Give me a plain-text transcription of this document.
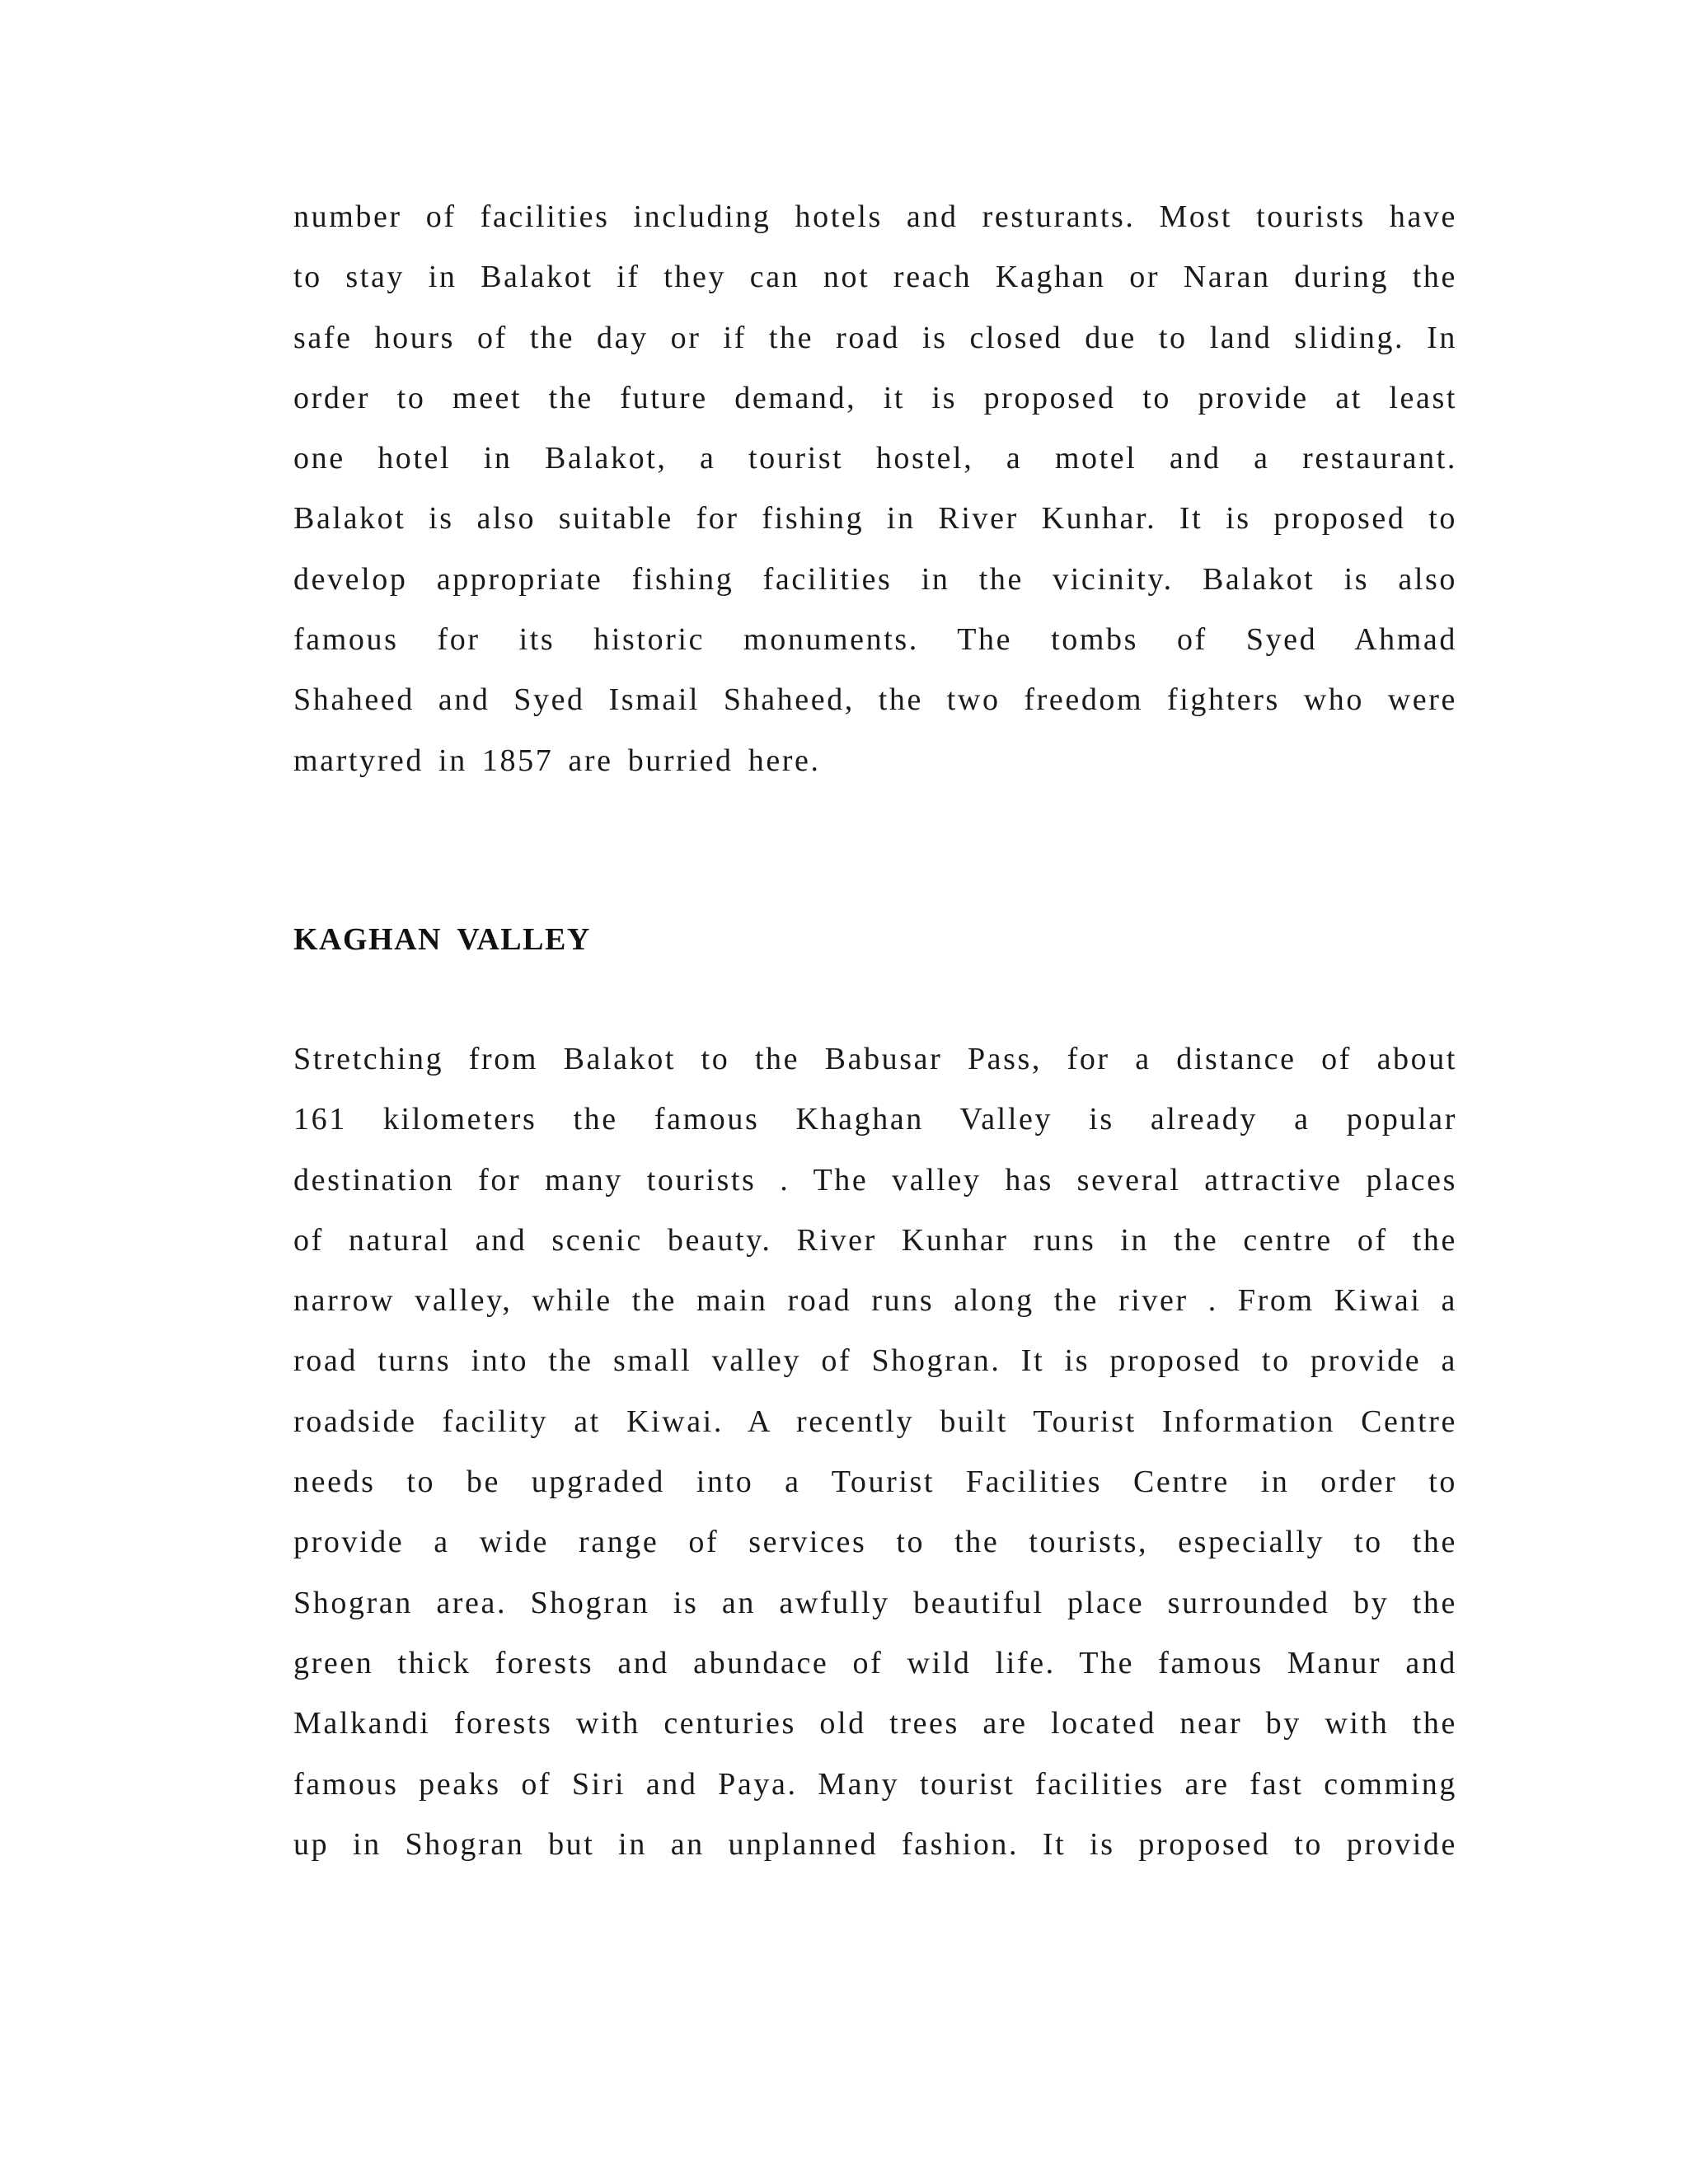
number of facilities including hotels and resturants. Most tourists have
to stay in Balakot if they can not reach Kaghan or Naran during the
safe hours of the day or if the road is closed due to land sliding. In
order to meet the future demand, it is proposed to provide at least
one hotel in Balakot, a tourist hostel, a motel and a restaurant.
Balakot is also suitable for fishing in River Kunhar. It is proposed to
develop appropriate fishing facilities in the vicinity. Balakot is also
famous for its historic monuments. The tombs of Syed Ahmad
Shaheed and Syed Ismail Shaheed, the two freedom fighters who were
martyred in 1857 are burried here.
KAGHAN VALLEY
Stretching from Balakot to the Babusar Pass, for a distance of about
161 kilometers the famous Khaghan Valley is already a popular
destination for many tourists . The valley has several attractive places
of natural and scenic beauty. River Kunhar runs in the centre of the
narrow valley, while the main road runs along the river . From Kiwai a
road turns into the small valley of Shogran. It is proposed to provide a
roadside facility at Kiwai. A recently built Tourist Information Centre
needs to be upgraded into a Tourist Facilities Centre in order to
provide a wide range of services to the tourists, especially to the
Shogran area. Shogran is an awfully beautiful place surrounded by the
green thick forests and abundace of wild life. The famous Manur and
Malkandi forests with centuries old trees are located near by with the
famous peaks of Siri and Paya. Many tourist facilities are fast comming
up in Shogran but in an unplanned fashion. It is proposed to provide
